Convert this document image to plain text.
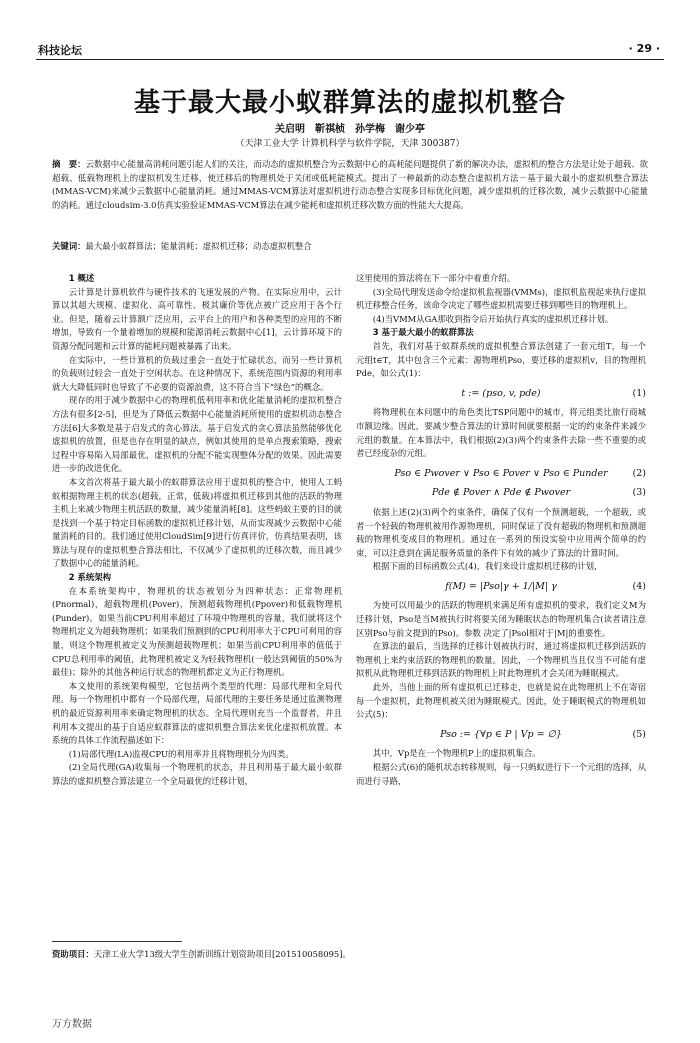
科技论坛	· 29 ·
基于最大最小蚁群算法的虚拟机整合
关启明　靳祺桢　孙学梅　谢少亭
（天津工业大学 计算机科学与软件学院，天津 300387）
摘　要：云数据中心能量高消耗问题引起人们的关注，而动态的虚拟机整合为云数据中心的高耗能问题提供了新的解决办法，虚拟机的整合方法是让处于超载、欲超载、低载物理机上的虚拟机发生迁移，使迁移后的物理机处于关闭或低耗能模式。提出了一种最新的动态整合虚拟机方法－基于最大最小的虚拟机整合算法(MMAS-VCM)来减少云数据中心能量消耗。通过MMAS-VCM算法对虚拟机进行动态整合实现多目标优化问题，减少虚拟机的迁移次数，减少云数据中心能量的消耗。通过cloudsim-3.0仿真实验验证MMAS-VCM算法在减少能耗和虚拟机迁移次数方面的性能大大提高。
关键词：最大最小蚁群算法；能量消耗；虚拟机迁移；动态虚拟机整合

1 概述

云计算是计算机软件与硬件技术的飞速发展的产物。在实际应用中，云计算以其超大规模、虚拟化、高可靠性、极其廉价等优点被广泛应用于各个行业。但是，随着云计算额广泛应用，云平台上的用户和各种类型的应用的不断增加，导致有一个量着增加的规模和能源消耗云数据中心[1]，云计算环境下的资源分配问题和云计算的能耗问题被暴露了出来。

在实际中，一些计算机的负载过重会一直处于忙碌状态，而另一些计算机的负载则过轻会一直处于空闲状态。在这种情况下，系统范围内资源的利用率就大大降低同时也导致了不必要的资源浪费，这不符合当下“绿色”的概念。

现存的用于减少数据中心的物理机低利用率和优化能量消耗的虚拟机整合方法有很多[2-5]，但是为了降低云数据中心能量消耗所使用的虚拟机动态整合方法[6]大多数是基于启发式的贪心算法。基于启发式的贪心算法虽然能够优化虚拟机的放置，但是也存在明显的缺点，例如其使用的是单点搜索策略，搜索过程中容易陷入局部最优，虚拟机的分配不能实现整体分配的效果。因此需要进一步的改进优化。

本文首次将基于最大最小的蚁群算法应用于虚拟机的整合中，使用人工蚂蚁根据物理主机的状态(超载，正常，低载)将虚拟机迁移到其他的活跃的物理主机上来减少物理主机活跃的数量，减少能量消耗[8]。这些蚂蚁主要的目的就是找到一个基于特定目标函数的虚拟机迁移计划，从而实现减少云数据中心能量消耗的目的。我们通过使用CloudSim[9]进行仿真评价，仿真结果表明，该算法与现存的虚拟机整合算法相比，不仅减少了虚拟机的迁移次数，而且减少了数据中心的能量消耗。

2 系统架构

在本系统架构中，物理机的状态被划分为四种状态：正常物理机(Pnormal)，超载物理机(Pover)，预测超载物理机(Ppover)和低载物理机(Punder)。如果当前CPU利用率超过了环境中物理机的容量，我们就将这个物理机定义为超载物理机；如果我们预测到的CPU利用率大于CPU可利用的容量，则这个物理机被定义为预测超载物理机；如果当前CPU利用率的值低于CPU总利用率的阈值，此物理机被定义为轻载物理机(一般达到阈值的50%为最佳)；除外的其他各种运行状态的物理机都定义为正行物理机。

本文使用的系统架构模型，它包括两个类型的代理：局部代理和全局代理。每一个物理机中都有一个局部代理，局部代理的主要任务是通过监测物理机的最近资源利用率来确定物理机的状态。全局代理则充当一个监督者，并且利用本文提出的基于自适应蚁群算法的虚拟机整合算法来优化虚拟机放置。本系统的具体工作流程描述如下：

(1)局部代理(LA)监视CPU的利用率并且将物理机分为四类。

(2)全局代理(GA)收集每一个物理机的状态，并且利用基于最大最小蚁群算法的虚拟机整合算法建立一个全局最优的迁移计划，

这里使用的算法将在下一部分中着重介绍。

(3)全局代理发送命令给虚拟机监视器(VMMs)，虚拟机监视起来执行虚拟机迁移整合任务，该命令决定了哪些虚拟机需要迁移到哪些目的物理机上。

(4)当VMM从GA那收到指令后开始执行真实的虚拟机迁移计划。

3 基于最大最小的蚁群算法

首先，我们对基于蚁群系统的虚拟机整合算法创建了一套元组T，每一个元组t∈T，其中包含三个元素：源物理机Pso，要迁移的虚拟机v，目的物理机Pde，如公式(1)：

t := (pso, v, pde)	(1)

将物理机在本问题中的角色类比TSP问题中的城市，将元组类比旅行商城市额边缘。因此，要减少整合算法的计算时间就要根据一定的约束条件来减少元组的数量。在本算法中，我们根据(2)(3)两个约束条件去除一些不重要的或者已经度杂的元组。

Pso ∈ Pwover ∨ Pso ∈ Pover ∨ Pso ∈ Punder	(2)
Pde ∉ Pover ∧ Pde ∉ Pwover	(3)

依据上述(2)(3)两个约束条件，确保了仅有一个预测超载，一个超载，或者一个轻载的物理机被用作源物理机，同时保证了没有超载的物理机和预测超载的物理机变成目的物理机。通过在一系列的预设实验中应用两个简单的约束，可以注意到在满足服务质量的条件下有效的减少了算法的计算时间。

根据下面的目标函数公式(4)，我们来设计虚拟机迁移的计划，

f(M) = |Pso|γ + 1/|M| γ	(4)

为使可以用最少的活跃的物理机来满足所有虚拟机的要求，我们定义M为迁移计划，Pso是当M被执行时将要关闭为睡眠状态的物理机集合(读者请注意区别Pso与前文提到的Pso)。参数 决定了|Psol相对于|M|的重要性。

在算法的最后，当选择的迁移计划被执行时，通过将虚拟机迁移到活跃的物理机上来约束活跃的物理机的数量。因此，一个物理机当且仅当不可能有虚拟机从此物理机迁移到活跃的物理机上时此物理机才会关闭为睡眠模式。

此外，当他上面的所有虚拟机已迁移走，也就是说在此物理机上不在寄宿每一个虚拟机，此物理机被关闭为睡眠模式。因此，处于睡眠模式的物理机如公式(5)：

Pso := {∀p ∈ P | Vp = ∅}	(5)

其中，Vp是在一个物理机P上的虚拟机集合。

根据公式(6)的随机状态转移规则，每一只蚂蚁进行下一个元组的选择，从而进行寻路，

资助项目：天津工业大学13级大学生创新训练计划资助项目[201510058095]。
万方数据
